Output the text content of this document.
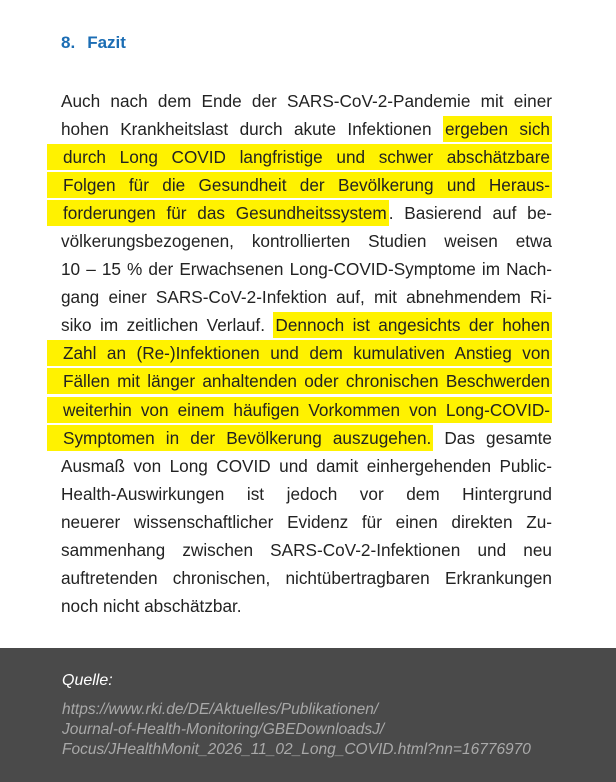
8. Fazit
Auch nach dem Ende der SARS-CoV-2-Pandemie mit einer
hohen Krankheitslast durch akute Infektionen ergeben sich
durch Long COVID langfristige und schwer abschätzbare
Folgen für die Gesundheit der Bevölkerung und Heraus-
forderungen für das Gesundheitssystem . Basierend auf be-
völkerungsbezogenen, kontrollierten Studien weisen etwa
10 – 15 % der Erwachsenen Long-COVID-Symptome im Nach-
gang einer SARS-CoV-2-Infektion auf, mit abnehmendem Ri-
siko im zeitlichen Verlauf. Dennoch ist angesichts der hohen
Zahl an (Re-)Infektionen und dem kumulativen Anstieg von
Fällen mit länger anhaltenden oder chronischen Beschwerden
weiterhin von einem häufigen Vorkommen von Long-COVID-
Symptomen in der Bevölkerung auszugehen. Das gesamte
Ausmaß von Long COVID und damit einhergehenden Public-
Health-Auswirkungen ist jedoch vor dem Hintergrund
neuerer wissenschaftlicher Evidenz für einen direkten Zu-
sammenhang zwischen SARS-CoV-2-Infektionen und neu
auftretenden chronischen, nichtübertragbaren Erkrankungen
noch nicht abschätzbar.
Quelle:
https://www.rki.de/DE/Aktuelles/Publikationen/
Journal-of-Health-Monitoring/GBEDownloadsJ/
Focus/JHealthMonit_2026_11_02_Long_COVID.html?nn=16776970
